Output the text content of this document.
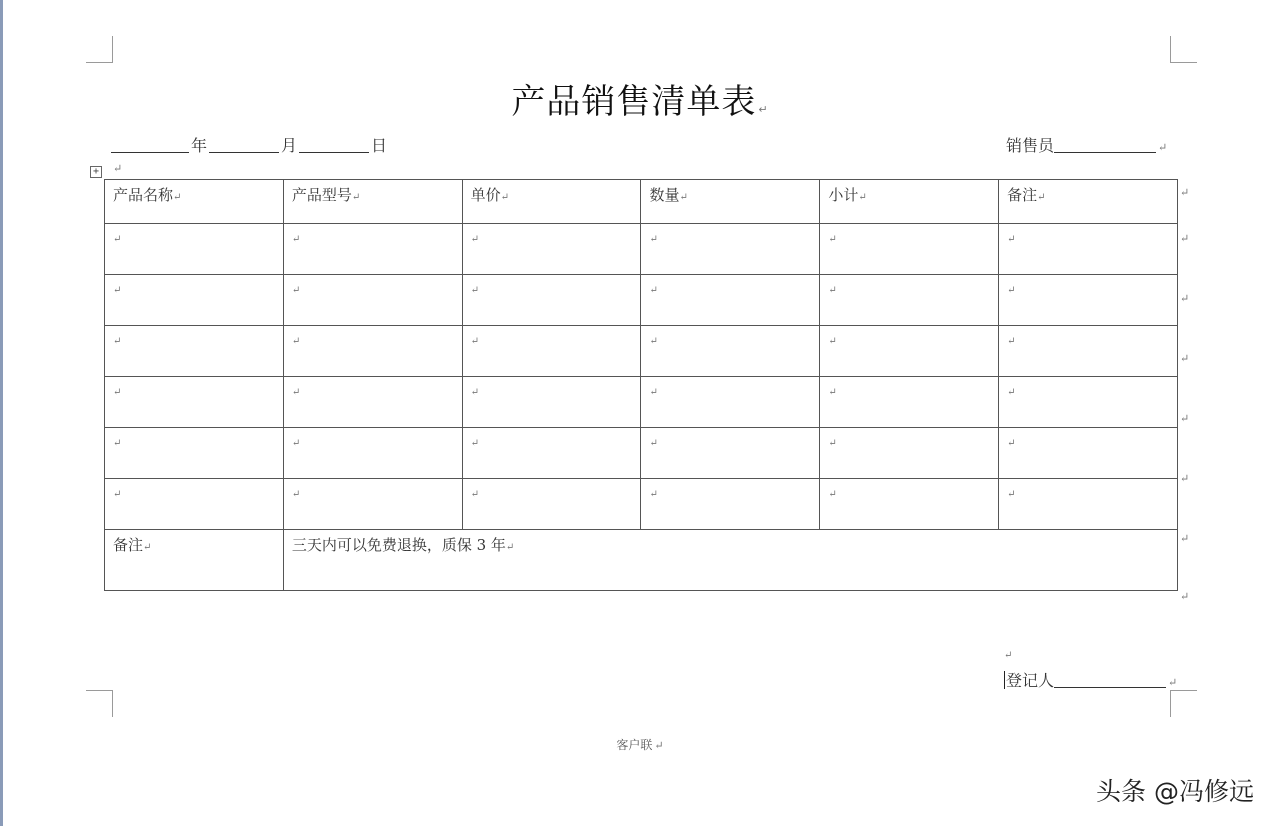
产品销售清单表 ↵
年	月	日	销售员	↵
+ ↵
产品名称↵	产品型号↵	单价↵	数量↵	小计↵	备注↵
↵	↵	↵	↵	↵	↵
↵	↵	↵	↵	↵	↵
↵	↵	↵	↵	↵	↵
↵	↵	↵	↵	↵	↵
↵	↵	↵	↵	↵	↵
↵	↵	↵	↵	↵	↵
备注↵	三天内可以免费退换，质保 3 年↵				
↵
↵
↵
↵
↵
↵
↵
↵
↵
登记人	↵
客户联 ↵
头条 @冯修远
